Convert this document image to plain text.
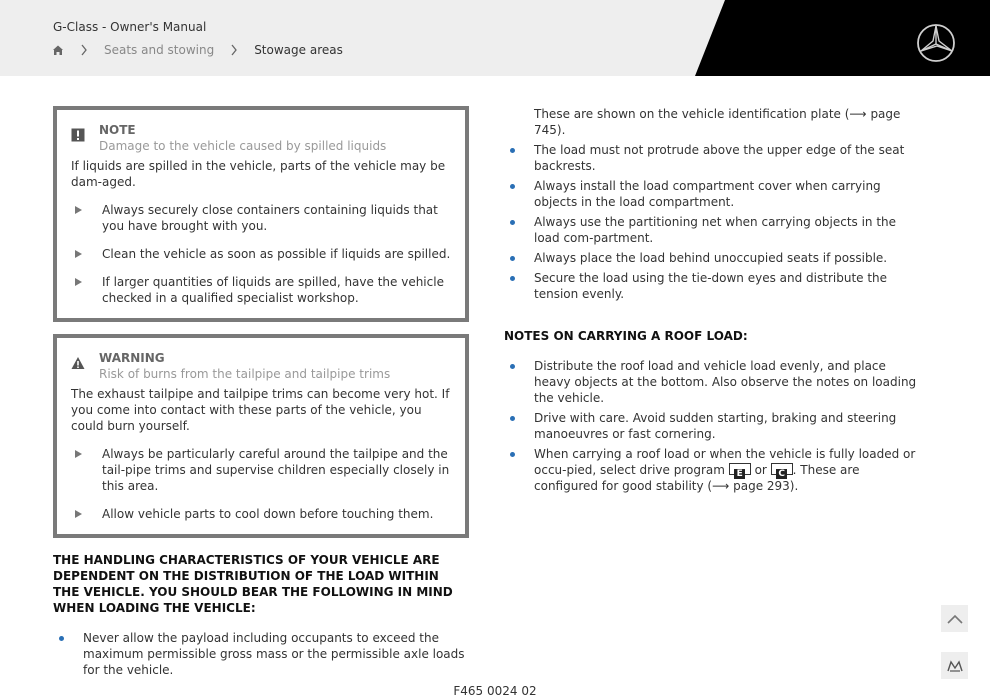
G-Class - Owner's Manual
Seats and stowing	Stowage areas
NOTE
Damage to the vehicle caused by spilled liquids
If liquids are spilled in the vehicle, parts of the vehicle may be dam-aged.
Always securely close containers containing liquids that you have brought with you.
Clean the vehicle as soon as possible if liquids are spilled.
If larger quantities of liquids are spilled, have the vehicle checked in a qualified specialist workshop.
WARNING
Risk of burns from the tailpipe and tailpipe trims
The exhaust tailpipe and tailpipe trims can become very hot. If you come into contact with these parts of the vehicle, you could burn yourself.
Always be particularly careful around the tailpipe and the tail-pipe trims and supervise children especially closely in this area.
Allow vehicle parts to cool down before touching them.
THE HANDLING CHARACTERISTICS OF YOUR VEHICLE ARE DEPENDENT ON THE DISTRIBUTION OF THE LOAD WITHIN THE VEHICLE. YOU SHOULD BEAR THE FOLLOWING IN MIND WHEN LOADING THE VEHICLE:
Never allow the payload including occupants to exceed the maximum permissible gross mass or the permissible axle loads for the vehicle.
These are shown on the vehicle identification plate (⟶ page 745).
The load must not protrude above the upper edge of the seat backrests.
Always install the load compartment cover when carrying objects in the load compartment.
Always use the partitioning net when carrying objects in the load com-partment.
Always place the load behind unoccupied seats if possible.
Secure the load using the tie-down eyes and distribute the tension evenly.
NOTES ON CARRYING A ROOF LOAD:
Distribute the roof load and vehicle load evenly, and place heavy objects at the bottom. Also observe the notes on loading the vehicle.
Drive with care. Avoid sudden starting, braking and steering manoeuvres or fast cornering.
When carrying a roof load or when the vehicle is fully loaded or occu-pied, select drive program E or C . These are configured for good stability (⟶ page 293).
F465 0024 02
